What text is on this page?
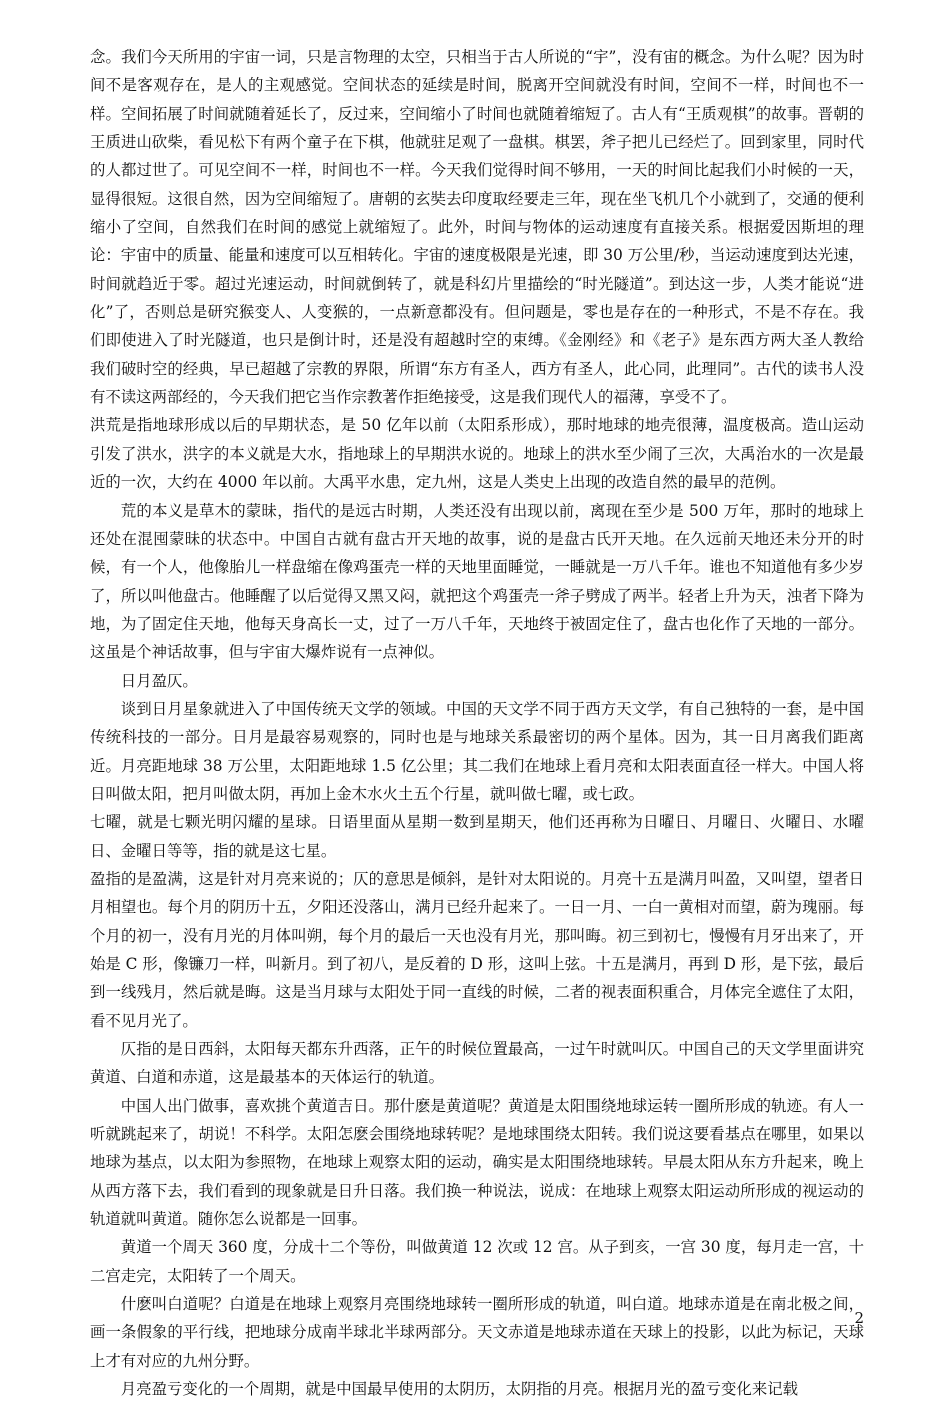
念。我们今天所用的宇宙一词，只是言物理的太空，只相当于古人所说的“宇”，没有宙的概念。为什么呢？因为时间不是客观存在，是人的主观感觉。空间状态的延续是时间，脱离开空间就没有时间，空间不一样，时间也不一样。空间拓展了时间就随着延长了，反过来，空间缩小了时间也就随着缩短了。古人有“王质观棋”的故事。晋朝的王质进山砍柴，看见松下有两个童子在下棋，他就驻足观了一盘棋。棋罢，斧子把儿已经烂了。回到家里，同时代的人都过世了。可见空间不一样，时间也不一样。今天我们觉得时间不够用，一天的时间比起我们小时候的一天，显得很短。这很自然，因为空间缩短了。唐朝的玄奘去印度取经要走三年，现在坐飞机几个小就到了，交通的便利缩小了空间，自然我们在时间的感觉上就缩短了。此外，时间与物体的运动速度有直接关系。根据爱因斯坦的理论：宇宙中的质量、能量和速度可以互相转化。宇宙的速度极限是光速，即 30 万公里/秒，当运动速度到达光速，时间就趋近于零。超过光速运动，时间就倒转了，就是科幻片里描绘的“时光隧道”。到达这一步，人类才能说“进化”了，否则总是研究猴变人、人变猴的，一点新意都没有。但问题是，零也是存在的一种形式，不是不存在。我们即使进入了时光隧道，也只是倒计时，还是没有超越时空的束缚。《金刚经》和《老子》是东西方两大圣人教给我们破时空的经典，早已超越了宗教的界限，所谓“东方有圣人，西方有圣人，此心同，此理同”。古代的读书人没有不读这两部经的，今天我们把它当作宗教著作拒绝接受，这是我们现代人的福薄，享受不了。

洪荒是指地球形成以后的早期状态，是 50 亿年以前（太阳系形成），那时地球的地壳很薄，温度极高。造山运动引发了洪水，洪字的本义就是大水，指地球上的早期洪水说的。地球上的洪水至少闹了三次，大禹治水的一次是最近的一次，大约在 4000 年以前。大禹平水患，定九州，这是人类史上出现的改造自然的最早的范例。

荒的本义是草木的蒙昧，指代的是远古时期，人类还没有出现以前，离现在至少是 500 万年，那时的地球上还处在混囤蒙昧的状态中。中国自古就有盘古开天地的故事，说的是盘古氏开天地。在久远前天地还未分开的时候，有一个人，他像胎儿一样盘缩在像鸡蛋壳一样的天地里面睡觉，一睡就是一万八千年。谁也不知道他有多少岁了，所以叫他盘古。他睡醒了以后觉得又黑又闷，就把这个鸡蛋壳一斧子劈成了两半。轻者上升为天，浊者下降为地，为了固定住天地，他每天身高长一丈，过了一万八千年，天地终于被固定住了，盘古也化作了天地的一部分。这虽是个神话故事，但与宇宙大爆炸说有一点神似。

日月盈仄。

谈到日月星象就进入了中国传统天文学的领域。中国的天文学不同于西方天文学，有自己独特的一套，是中国传统科技的一部分。日月是最容易观察的，同时也是与地球关系最密切的两个星体。因为，其一日月离我们距离近。月亮距地球 38 万公里，太阳距地球 1.5 亿公里；其二我们在地球上看月亮和太阳表面直径一样大。中国人将日叫做太阳，把月叫做太阴，再加上金木水火土五个行星，就叫做七曜，或七政。

七曜，就是七颗光明闪耀的星球。日语里面从星期一数到星期天，他们还再称为日曜日、月曜日、火曜日、水曜日、金曜日等等，指的就是这七星。

盈指的是盈满，这是针对月亮来说的；仄的意思是倾斜，是针对太阳说的。月亮十五是满月叫盈，又叫望，望者日月相望也。每个月的阴历十五，夕阳还没落山，满月已经升起来了。一日一月、一白一黄相对而望，蔚为瑰丽。每个月的初一，没有月光的月体叫朔，每个月的最后一天也没有月光，那叫晦。初三到初七，慢慢有月牙出来了，开始是 C 形，像镰刀一样，叫新月。到了初八，是反着的 D 形，这叫上弦。十五是满月，再到 D 形，是下弦，最后到一线残月，然后就是晦。这是当月球与太阳处于同一直线的时候，二者的视表面积重合，月体完全遮住了太阳，看不见月光了。

仄指的是日西斜，太阳每天都东升西落，正午的时候位置最高，一过午时就叫仄。中国自己的天文学里面讲究黄道、白道和赤道，这是最基本的天体运行的轨道。

中国人出门做事，喜欢挑个黄道吉日。那什麽是黄道呢？黄道是太阳围绕地球运转一圈所形成的轨迹。有人一听就跳起来了，胡说！不科学。太阳怎麽会围绕地球转呢？是地球围绕太阳转。我们说这要看基点在哪里，如果以地球为基点，以太阳为参照物，在地球上观察太阳的运动，确实是太阳围绕地球转。早晨太阳从东方升起来，晚上从西方落下去，我们看到的现象就是日升日落。我们换一种说法，说成：在地球上观察太阳运动所形成的视运动的轨道就叫黄道。随你怎么说都是一回事。

黄道一个周天 360 度，分成十二个等份，叫做黄道 12 次或 12 宫。从子到亥，一宫 30 度，每月走一宫，十二宫走完，太阳转了一个周天。

什麽叫白道呢？白道是在地球上观察月亮围绕地球转一圈所形成的轨道，叫白道。地球赤道是在南北极之间，画一条假象的平行线，把地球分成南半球北半球两部分。天文赤道是地球赤道在天球上的投影，以此为标记，天球上才有对应的九州分野。

月亮盈亏变化的一个周期，就是中国最早使用的太阴历，太阴指的月亮。根据月光的盈亏变化来记载

2
